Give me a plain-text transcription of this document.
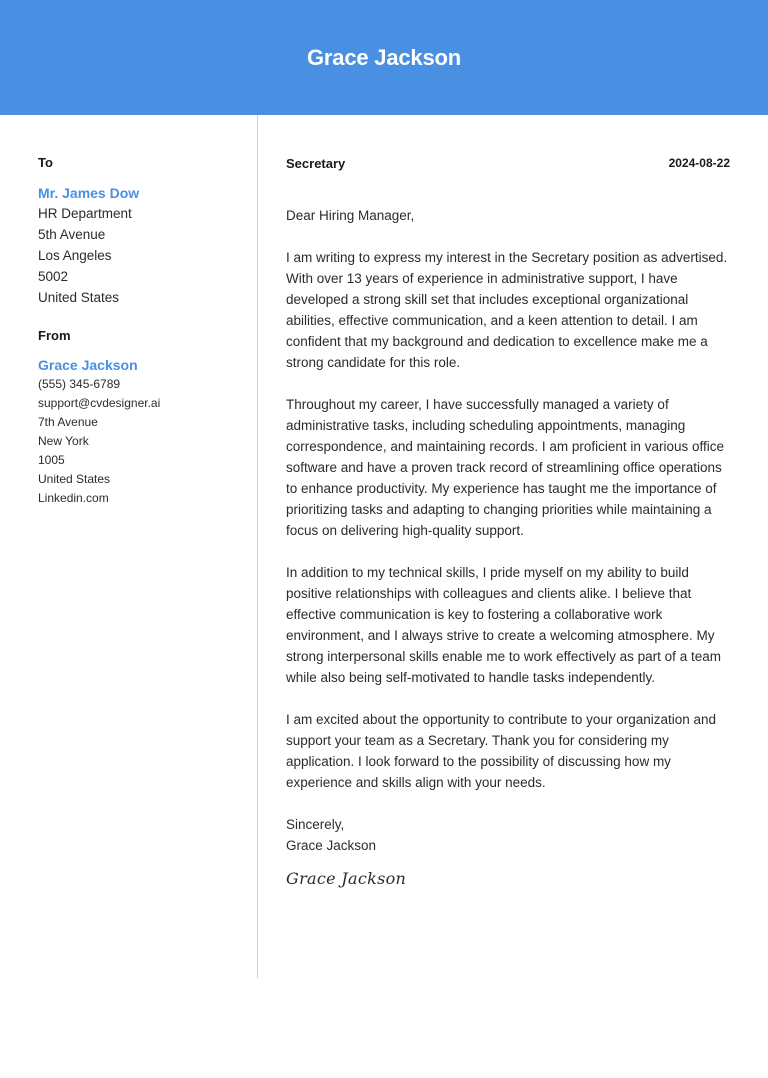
Grace Jackson
To
Mr. James Dow
HR Department
5th Avenue
Los Angeles
5002
United States
From
Grace Jackson
(555) 345-6789
support@cvdesigner.ai
7th Avenue
New York
1005
United States
Linkedin.com
Secretary	2024-08-22
Dear Hiring Manager,
I am writing to express my interest in the Secretary position as advertised. With over 13 years of experience in administrative support, I have developed a strong skill set that includes exceptional organizational abilities, effective communication, and a keen attention to detail. I am confident that my background and dedication to excellence make me a strong candidate for this role.
Throughout my career, I have successfully managed a variety of administrative tasks, including scheduling appointments, managing correspondence, and maintaining records. I am proficient in various office software and have a proven track record of streamlining office operations to enhance productivity. My experience has taught me the importance of prioritizing tasks and adapting to changing priorities while maintaining a focus on delivering high-quality support.
In addition to my technical skills, I pride myself on my ability to build positive relationships with colleagues and clients alike. I believe that effective communication is key to fostering a collaborative work environment, and I always strive to create a welcoming atmosphere. My strong interpersonal skills enable me to work effectively as part of a team while also being self-motivated to handle tasks independently.
I am excited about the opportunity to contribute to your organization and support your team as a Secretary. Thank you for considering my application. I look forward to the possibility of discussing how my experience and skills align with your needs.
Sincerely,
Grace Jackson
Grace Jackson
